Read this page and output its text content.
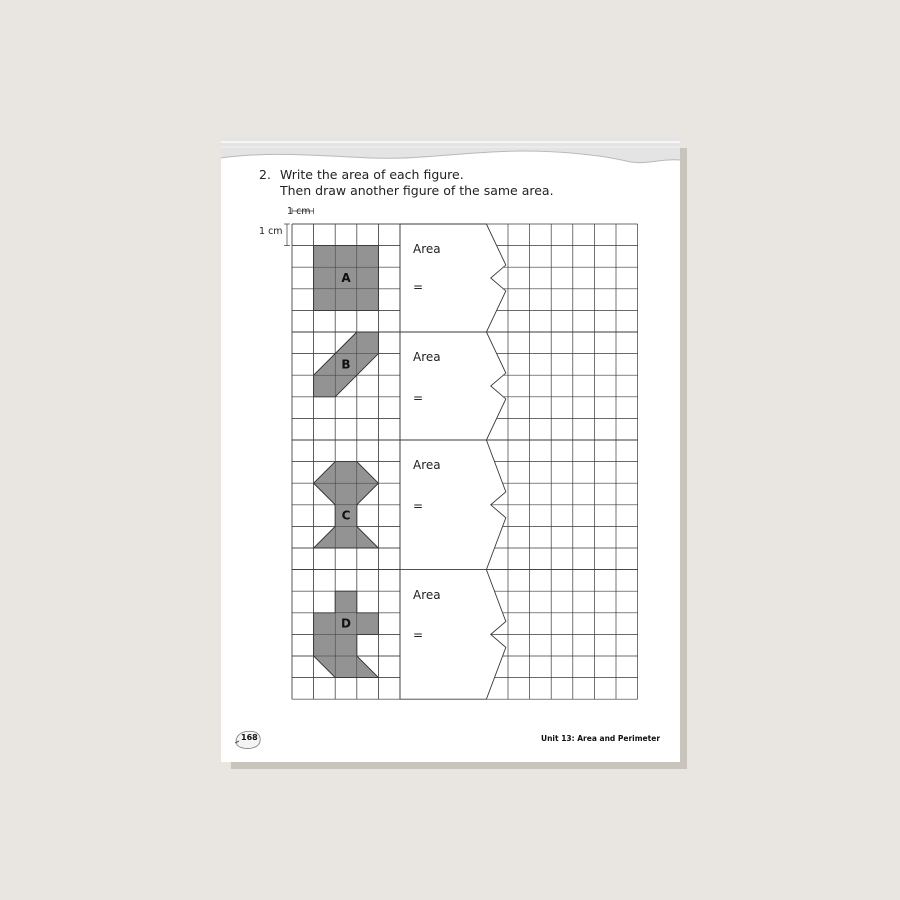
2. Write the area of each figure.
Then draw another figure of the same area.
1 cm
1 cm
A
B
C
D
Area
=
Area
=
Area
=
Area
=
168	Unit 13: Area and Perimeter
